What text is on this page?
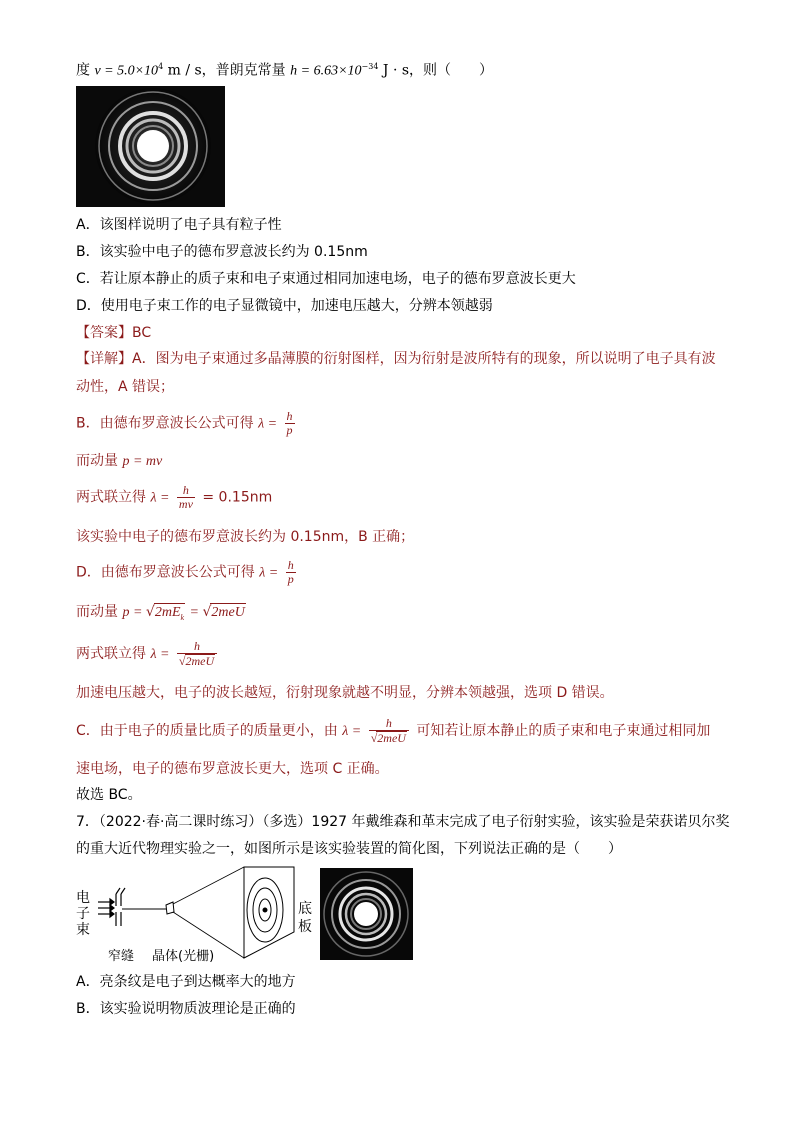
度 $v = 5.0\times 10^4$ m / s，普朗克常量 $h = 6.63\times 10^{-34}$ J · s，则（　　）
A．该图样说明了电子具有粒子性
B．该实验中电子的德布罗意波长约为 0.15nm
C．若让原本静止的质子束和电子束通过相同加速电场，电子的德布罗意波长更大
D．使用电子束工作的电子显微镜中，加速电压越大，分辨本领越弱
【答案】BC
【详解】A．图为电子束通过多晶薄膜的衍射图样，因为衍射是波所特有的现象，所以说明了电子具有波
动性，A 错误；
B．由德布罗意波长公式可得 $\lambda = \frac{h}{p}$
而动量 p = mv
两式联立得 $\lambda = \frac{h}{mv} = 0.15nm$
该实验中电子的德布罗意波长约为 0.15nm，B 正确；
D．由德布罗意波长公式可得 $\lambda = \frac{h}{p}$
而动量 $p = √2mE_k = √2meU$
两式联立得 $\lambda = \frac{h}{\text{√2meU}}$
加速电压越大，电子的波长越短，衍射现象就越不明显，分辨本领越强，选项 D 错误。
C．由于电子的质量比质子的质量更小，由 $\lambda = \frac{h}{\text{√2meU}}$ 可知若让原本静止的质子束和电子束通过相同加
速电场，电子的德布罗意波长更大，选项 C 正确。
故选 BC。
7．（2022·春·高二课时练习）（多选）1927 年戴维森和革末完成了电子衍射实验，该实验是荣获诺贝尔奖
的重大近代物理实验之一，如图所示是该实验装置的简化图，下列说法正确的是（　　）
电
子
束
窄缝 晶体(光栅)
底
板
A．亮条纹是电子到达概率大的地方
B．该实验说明物质波理论是正确的
